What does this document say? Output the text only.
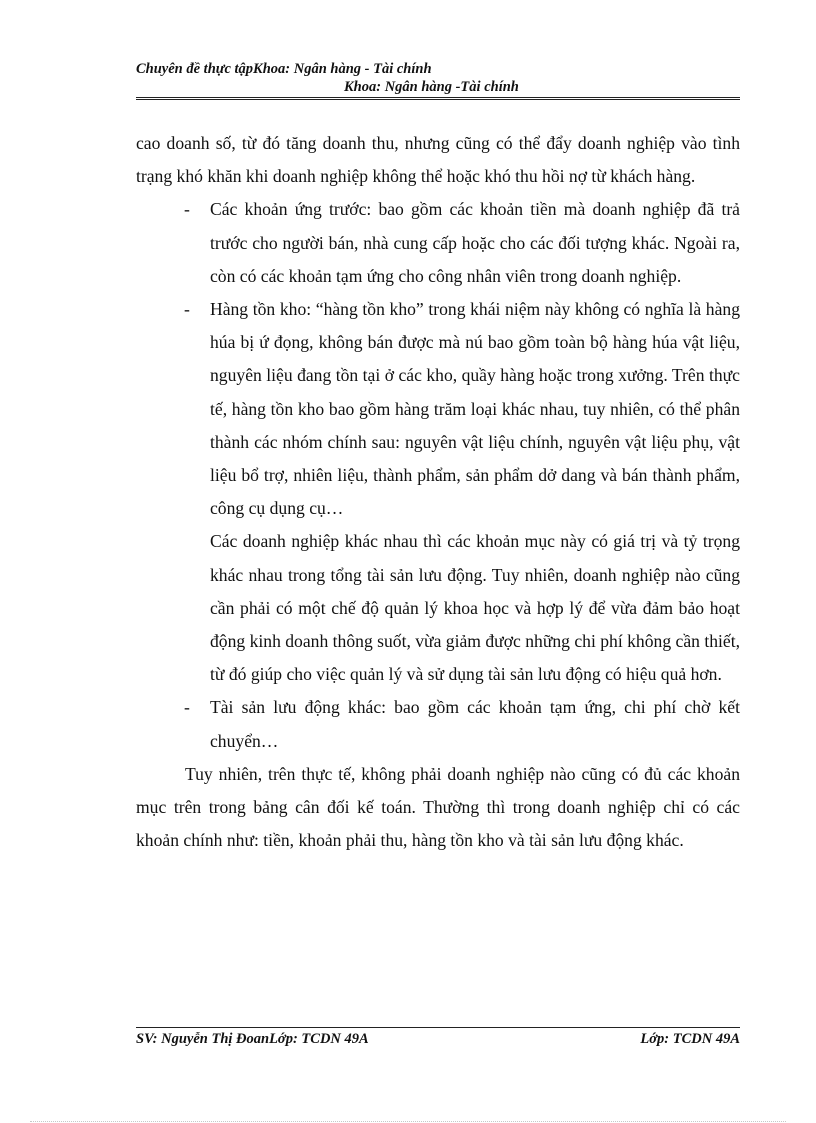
Chuyên đề thực tậpKhoa: Ngân hàng - Tài chính
Khoa: Ngân hàng -Tài chính

cao doanh số, từ đó tăng doanh thu, nhưng cũng có thể đẩy doanh nghiệp vào tình trạng khó khăn khi doanh nghiệp không thể hoặc khó thu hồi nợ từ khách hàng.

- Các khoản ứng trước: bao gồm các khoản tiền mà doanh nghiệp đã trả trước cho người bán, nhà cung cấp hoặc cho các đối tượng khác. Ngoài ra, còn có các khoản tạm ứng cho công nhân viên trong doanh nghiệp.
- Hàng tồn kho: “hàng tồn kho” trong khái niệm này không có nghĩa là hàng húa bị ứ đọng, không bán được mà nú bao gồm toàn bộ hàng húa vật liệu, nguyên liệu đang tồn tại ở các kho, quầy hàng hoặc trong xưởng. Trên thực tế, hàng tồn kho bao gồm hàng trăm loại khác nhau, tuy nhiên, có thể phân thành các nhóm chính sau: nguyên vật liệu chính, nguyên vật liệu phụ, vật liệu bổ trợ, nhiên liệu, thành phẩm, sản phẩm dở dang và bán thành phẩm, công cụ dụng cụ…

Các doanh nghiệp khác nhau thì các khoản mục này có giá trị và tỷ trọng khác nhau trong tổng tài sản lưu động. Tuy nhiên, doanh nghiệp nào cũng cần phải có một chế độ quản lý khoa học và hợp lý để vừa đảm bảo hoạt động kinh doanh thông suốt, vừa giảm được những chi phí không cần thiết, từ đó giúp cho việc quản lý và sử dụng tài sản lưu động có hiệu quả hơn.

- Tài sản lưu động khác: bao gồm các khoản tạm ứng, chi phí chờ kết chuyển…

Tuy nhiên, trên thực tế, không phải doanh nghiệp nào cũng có đủ các khoản mục trên trong bảng cân đối kế toán. Thường thì trong doanh nghiệp chỉ có các khoản chính như: tiền, khoản phải thu, hàng tồn kho và tài sản lưu động khác.

SV: Nguyễn Thị ĐoanLớp: TCDN 49A	Lớp: TCDN 49A
